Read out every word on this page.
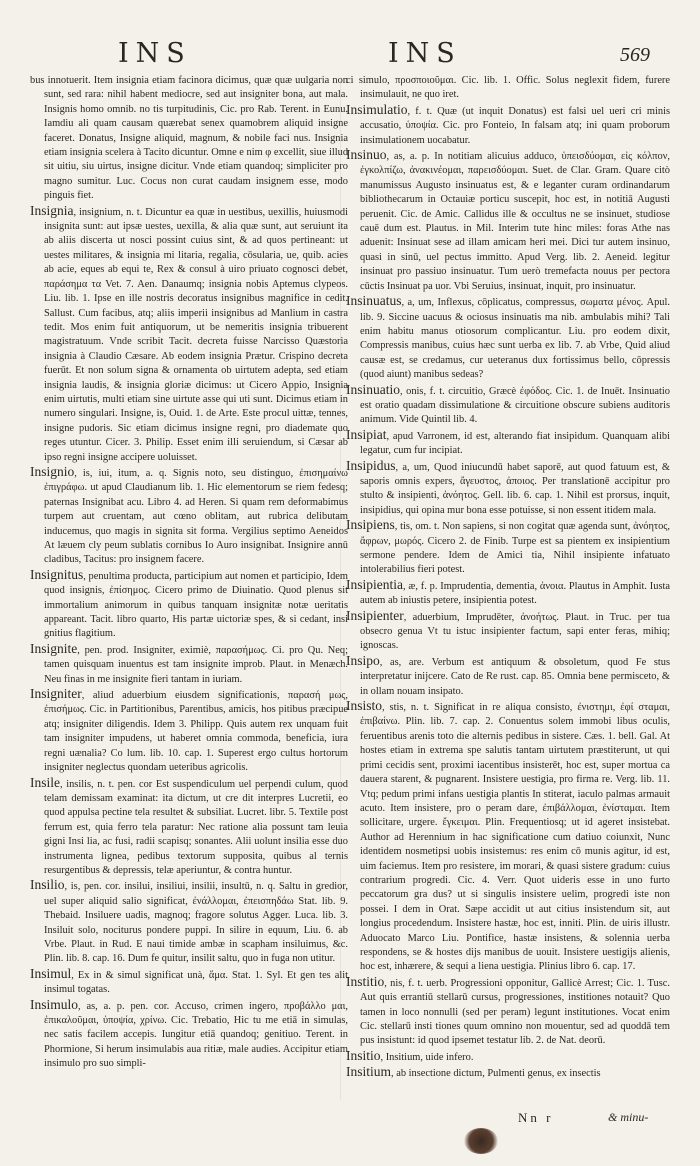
INS	INS	569

bus innotuerit. Item insignia etiam facinora dicimus, quæ quæ uulgaria non sunt, sed rara: nihil habent mediocre, sed aut insigniter bona, aut mala. Insignis homo omnib. no tis turpitudinis, Cic. pro Rab. Terent. in Eunu. Iamdiu ali quam causam quærebat senex quamobrem aliquid insigne faceret. Donatus, Insigne aliquid, magnum, & nobile faci nus. Insignia etiam insignia scelera à Tacito dicuntur. Omne e nim φ excellit, siue illud sit uitiu, siu uirtus, insigne dicitur. Vnde etiam quandoq; simpliciter pro magno sumitur. Luc. Cocus non curat caudam insignem esse, modo pinguis fiet.

Insignia, insignium, n. t. Dicuntur ea quæ in uestibus, uexillis, huiusmodi insignita sunt: aut ipsæ uestes, uexilla, & alia quæ sunt, aut seruiunt ita ab aliis discerta ut nosci possint cuius sint, & ad quos pertineant: ut uestes militares, & insignia mi litaria, regalia, cōsularia, ue, quib. acies ab acie, eques ab equi te, Rex & consul à uiro priuato cognosci debet, παράσημα τα Vet. 7. Aen. Danaumq; insignia nobis Aptemus clypeos. Liu. lib. 1. Ipse en ille nostris decoratus insignibus magnifice in cedit. Sallust. Cum facibus, atq; aliis imperii insignibus ad Manlium in castra tedit. Mos enim fuit antiquorum, ut be nemeritis insignia tribuerent magistratuum. Vnde scribit Tacit. decreta fuisse Narcisso Quæstoria insignia à Claudio Cæsare. Ab eodem insignia Prætur. Crispino decreta fuerūt. Et non solum signa & ornamenta ob uirtutem adepta, sed etiam insignia laudis, & insignia gloriæ dicimus: ut Cicero Appio, Insignia enim uirtutis, multi etiam sine uirtute asse qui uti sunt. Dicimus etiam in numero singulari. Insigne, is, Ouid. 1. de Arte. Este procul uittæ, tennes, insigne pudoris. Sic etiam dicimus insigne regni, pro diademate quo reges utuntur. Cicer. 3. Philip. Esset enim illi seruiendum, si Cæsar ab ipso regni insigne accipere uoluisset.

Insignio, is, iui, itum, a. q. Signis noto, seu distinguo, ἐπισημαίνω ἐπιγράφω. ut apud Claudianum lib. 1. Hic elementorum se riem fedesq; paternas Insignibat acu. Libro 4. ad Heren. Si quam rem deformabimus turpem aut cruentam, aut cœno oblitam, aut rubrica delibutam inducemus, quo magis in signita sit forma. Vergilius septimo Aeneidos At læuem cly peum sublatis cornibus Io Auro insignibat. Insignire annū cladibus, Tacitus: pro insignem facere.

Insignitus, penultima producta, participium aut nomen et participio, Idem quod insignis, ἐπίσημος. Cicero primo de Diuinatio. Quod plenus sit immortalium animorum in quibus tanquam insignitæ notæ ueritatis appareant. Tacit. libro quarto, His partæ uictoriæ spes, & si cedant, insi gnitius flagitium.

Insignite, pen. prod. Insigniter, eximiè, παρασήμως. Ci. pro Qu. Neq; tamen quisquam inuentus est tam insignite improb. Plaut. in Menæch. Neu finas in me insignite fieri tantam in iuriam.

Insigniter, aliud aduerbium eiusdem significationis, παρασή μως, ἐπισήμως. Cic. in Partitionibus, Parentibus, amicis, hos pitibus præcipue atq; insigniter diligendis. Idem 3. Philipp. Quis autem rex unquam fuit tam insigniter impudens, ut haberet omnia commoda, beneficia, iura regni uænalia? Co lum. lib. 10. cap. 1. Superest ergo cultus hortorum insigniter neglectus quondam ueteribus agricolis.

Insile, insilis, n. t. pen. cor Est suspendiculum uel perpendi culum, quod telam demissam examinat: ita dictum, ut cre dit interpres Lucretii, eo quod appulsa pectine tela resultet & subsiliat. Lucret. libr. 5. Textile post ferrum est, quia ferro tela paratur: Nec ratione alia possunt tam leuia gigni Insi lia, ac fusi, radii scapisq; sonantes. Alii uolunt insilia esse duo instrumenta lignea, pedibus textorum supposita, quibus al ternis resurgentibus & depressis, telæ aperiuntur, & contra huntur.

Insilio, is, pen. cor. insilui, insiliui, insilii, insultū, n. q. Saltu in gredior, uel super aliquid salio significat, ἐνάλλομαι, ἐπεισπηδάω Stat. lib. 9. Thebaid. Insiluere uadis, magnoq; fragore solutus Agger. Luca. lib. 3. Insiluit solo, nociturus pondere puppi. In silire in equum, Liu. 6. ab Vrbe. Plaut. in Rud. E naui timide ambæ in scapham insiluimus, &c. Plin. lib. 8. cap. 16. Dum fe quitur, insilit saltu, quo in fuga non utitur.

Insimul, Ex in & simul significat unà, ἅμα. Stat. 1. Syl. Et gen tes alit insimul togatas.

Insimulo, as, a. p. pen. cor. Accuso, crimen ingero, προβάλλο μαι, ἐπικαλοῦμαι, ὑποψία, χρίνω. Cic. Trebatio, Hic tu me etiā in simulas, nec satis facilem accepis. Iungitur etiā quandoq; genitiuo. Terent. in Phormione, Si herum insimulabis aua ritiæ, male audies. Accipitur etiam insimulo pro suo simpli-

ci simulo, προσποιοῦμαι. Cic. lib. 1. Offic. Solus neglexit fidem, furere insimulauit, ne quo iret.

Insimulatio, f. t. Quæ (ut inquit Donatus) est falsi uel ueri cri minis accusatio, ὑποψία. Cic. pro Fonteio, In falsam atq; ini quam proborum insimulationem uocabatur.

Insinuo, as, a. p. In notitiam alicuius adduco, ὑπεισδύομαι, εἰς κόλπον, ἐγκολπίζω, ἀνακινέομαι, παρεισδύομαι. Suet. de Clar. Gram. Quare citò manumissus Augusto insinuatus est, & e leganter curam ordinandarum bibliothecarum in Octauiæ porticu suscepit, hoc est, in notitiā Augusti peruenit. Cic. de Amic. Callidus ille & occultus ne se insinuet, studiose cauē dum est. Plautus. in Mil. Interim tute hinc miles: foras Athe nas aduenit: Insinuat sese ad illam amicam heri mei. Dici tur autem insinuo, quasi in sinū, uel pectus immitto. Apud Verg. lib. 2. Aeneid. legitur insinuat pro passiuo insinuatur. Tum uerò tremefacta nouus per pectora cūctis Insinuat pa uor. Vbi Seruius, insinuat, inquit, pro insinuatur.

Insinuatus, a, um, Inflexus, cōplicatus, compressus, σωματα μένος. Apul. lib. 9. Siccine uacuus & ociosus insinuatis ma nib. ambulabis mihi? Tali enim habitu manus otiosorum complicantur. Liu. pro eodem dixit, Compressis manibus, cuius hæc sunt uerba ex lib. 7. ab Vrbe, Quid aliud causæ est, se credamus, cur ueteranus dux fortissimus bello, cōpressis (quod aiunt) manibus sedeas?

Insinuatio, onis, f. t. circuitio, Græcè ἐφόδος. Cic. 1. de Inuēt. Insinuatio est oratio quadam dissimulatione & circuitione obscure subiens auditoris animum. Vide Quintil lib. 4.

Insipiat, apud Varronem, id est, alterando fiat insipidum. Quanquam alibi legatur, cum fur incipiat.

Insipidus, a, um, Quod iniucundū habet saporē, aut quod fatuum est, & saporis omnis expers, ἄγευστος, ἀποιος. Per translationē accipitur pro stulto & insipienti, ἀνόητος. Gell. lib. 6. cap. 1. Nihil est prorsus, inquit, insipidius, qui opina mur bona esse potuisse, si non essent itidem mala.

Insipiens, tis, om. t. Non sapiens, si non cogitat quæ agenda sunt, ἀνόητος, ἄφρων, μωρός. Cicero 2. de Finib. Turpe est sa pientem ex insipientium sermone pendere. Idem de Amici tia, Nihil insipiente infatuato intolerabilius fieri potest.

Insipientia, æ, f. p. Imprudentia, dementia, ἀνοια. Plautus in Amphit. Iusta autem ab iniustis petere, insipientia potest.

Insipienter, aduerbium, Imprudēter, ἀνοήτως. Plaut. in Truc. per tua obsecro genua Vt tu istuc insipienter factum, sapi enter feras, mihiq; ignoscas.

Insipo, as, are. Verbum est antiquum & obsoletum, quod Fe stus interpretatur inijcere. Cato de Re rust. cap. 85. Omnia bene permisceto, & in ollam nouam insipato.

Insisto, stis, n. t. Significat in re aliqua consisto, ἐνιστημι, ἐφί σταμαι, ἐπιβαίνω. Plin. lib. 7. cap. 2. Conuentus solem immobi libus oculis, feruentibus arenis toto die alternis pedibus in sistere. Cæs. 1. bell. Gal. At hostes etiam in extrema spe salutis tantam uirtutem præstiterunt, ut qui primi cecidis sent, proximi iacentibus insisterēt, hoc est, super mortua ca dauera starent, & pugnarent. Insistere uestigia, pro firma re. Verg. lib. 11. Vtq; pedum primi infans uestigia plantis In stiterat, iaculo palmas armauit acuto. Item insistere, pro o peram dare, ἐπιβάλλομαι, ἐνίσταμαι. Item sollicitare, urgere. ἔγκειμαι. Plin. Frequentiosq; ut id ageret insistebat. Author ad Herennium in hac significatione cum datiuo coiunxit, Nunc identidem nosmetipsi uobis insistemus: res enim cō munis agitur, id est, uim faciemus. Item pro resistere, im morari, & quasi sistere gradum: cuius contrarium progredi. Cic. 4. Verr. Quot uideris esse in uno furto peccatorum gra dus? ut si singulis insistere uelim, progredi iste non possei. I dem in Orat. Sæpe accidit ut aut citius insistendum sit, aut longius procedendum. Insistere hastæ, hoc est, inniti. Plin. de uiris illustr. Aduocato Marco Liu. Pontifice, hastæ insistens, & solennia uerba respondens, se & hostes dijs manibus de uouit. Insistere uestigijs alienis, hoc est, inhærere, & sequi a liena uestigia. Plinius libro 6. cap. 17.

Institio, nis, f. t. uerb. Progressioni opponitur, Gallicè Arrest; Cic. 1. Tusc. Aut quis errantiū stellarū cursus, progressiones, institiones notauit? Quo tamen in loco nonnulli (sed per peram) legunt institutiones. Vocat enim Cic. stellarū insti tiones quum omnino non mouentur, sed ad quoddā tem pus insistunt: id quod ipsemet testatur lib. 2. de Nat. deorū.

Insitio, Insitium, uide infero.

Insitium, ab insectione dictum, Pulmenti genus, ex insectis

Nn r	& minu-
